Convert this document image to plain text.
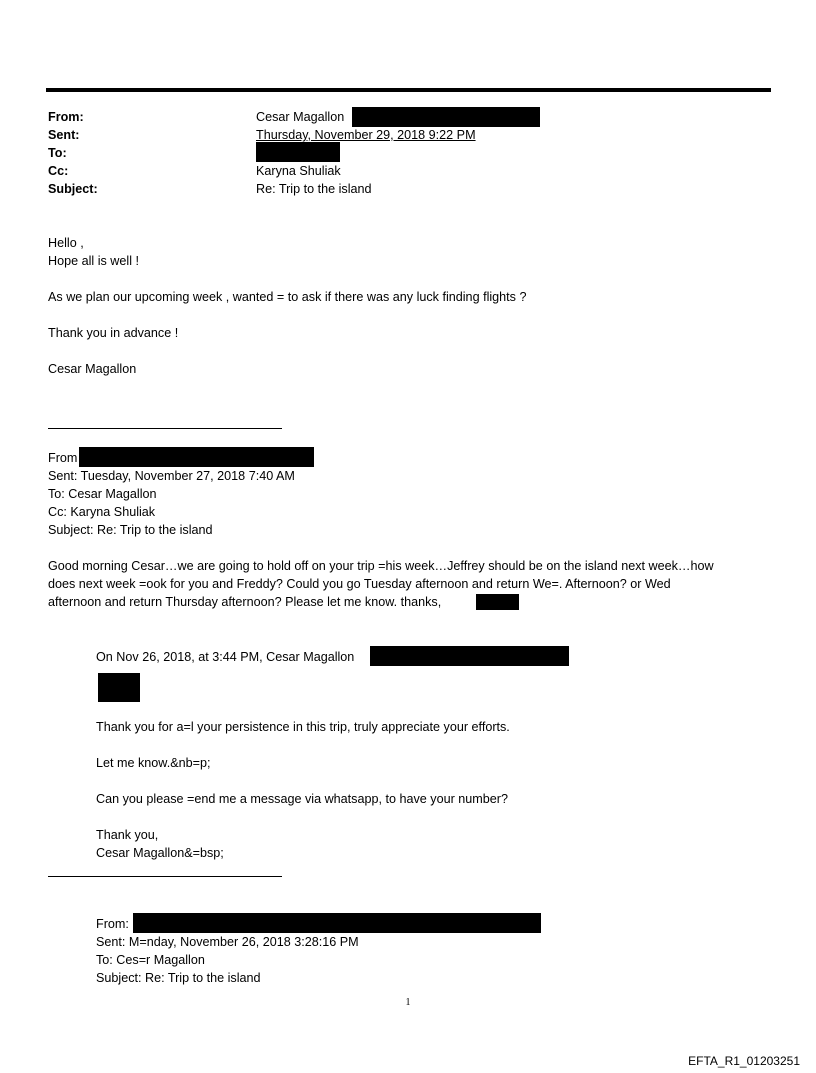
From:	Cesar Magallon
Sent:	Thursday, November 29, 2018 9:22 PM
To:
Cc:	Karyna Shuliak
Subject:	Re: Trip to the island
Hello ,
Hope all is well !
As we plan our upcoming week , wanted = to ask if there was any luck finding flights ?
Thank you in advance !
Cesar Magallon
From
Sent: Tuesday, November 27, 2018 7:40 AM
To: Cesar Magallon
Cc: Karyna Shuliak
Subject: Re: Trip to the island
Good morning Cesar…we are going to hold off on your trip =his week…Jeffrey should be on the island next week…how
does next week =ook for you and Freddy? Could you go Tuesday afternoon and return We=. Afternoon? or Wed
afternoon and return Thursday afternoon? Please let me know. thanks,
On Nov 26, 2018, at 3:44 PM, Cesar Magallon
Thank you for a=l your persistence in this trip, truly appreciate your efforts.
Let me know.&nb=p;
Can you please =end me a message via whatsapp, to have your number?
Thank you,
Cesar Magallon&=bsp;
From:
Sent: M=nday, November 26, 2018 3:28:16 PM
To: Ces=r Magallon
Subject: Re: Trip to the island
1
EFTA_R1_01203251
